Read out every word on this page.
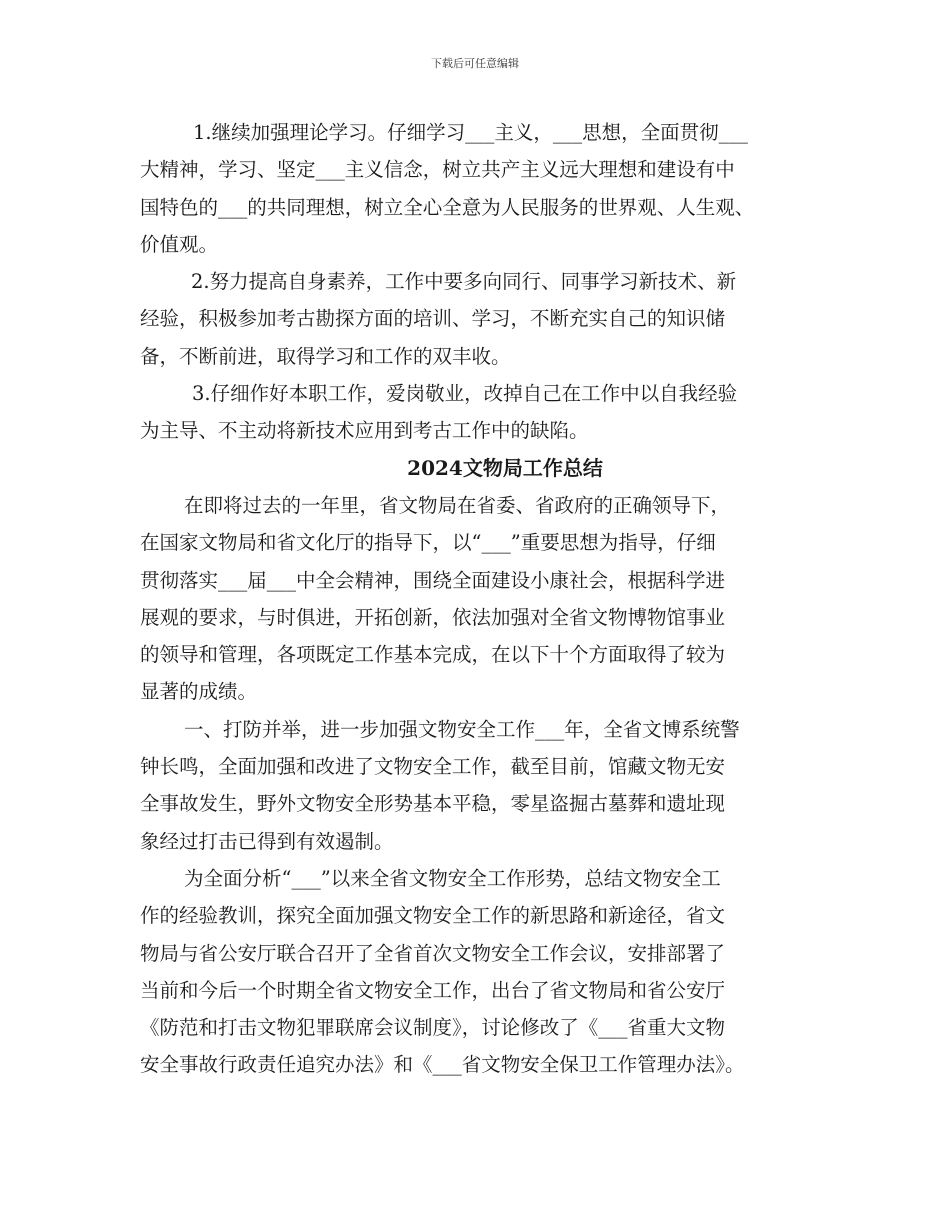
下载后可任意编辑
1.继续加强理论学习。仔细学习___主义，___思想，全面贯彻___
大精神，学习、坚定___主义信念，树立共产主义远大理想和建设有中
国特色的___的共同理想，树立全心全意为人民服务的世界观、人生观、
价值观。
2.努力提高自身素养，工作中要多向同行、同事学习新技术、新
经验，积极参加考古勘探方面的培训、学习，不断充实自己的知识储
备，不断前进，取得学习和工作的双丰收。
3.仔细作好本职工作，爱岗敬业，改掉自己在工作中以自我经验
为主导、不主动将新技术应用到考古工作中的缺陷。
2024文物局工作总结
在即将过去的一年里，省文物局在省委、省政府的正确领导下，
在国家文物局和省文化厅的指导下，以“___”重要思想为指导，仔细
贯彻落实___届___中全会精神，围绕全面建设小康社会，根据科学进
展观的要求，与时俱进，开拓创新，依法加强对全省文物博物馆事业
的领导和管理，各项既定工作基本完成，在以下十个方面取得了较为
显著的成绩。
一、打防并举，进一步加强文物安全工作___年，全省文博系统警
钟长鸣，全面加强和改进了文物安全工作，截至目前，馆藏文物无安
全事故发生，野外文物安全形势基本平稳，零星盗掘古墓葬和遗址现
象经过打击已得到有效遏制。
为全面分析“___”以来全省文物安全工作形势，总结文物安全工
作的经验教训，探究全面加强文物安全工作的新思路和新途径，省文
物局与省公安厅联合召开了全省首次文物安全工作会议，安排部署了
当前和今后一个时期全省文物安全工作，出台了省文物局和省公安厅
《防范和打击文物犯罪联席会议制度》，讨论修改了《___省重大文物
安全事故行政责任追究办法》和《___省文物安全保卫工作管理办法》。
